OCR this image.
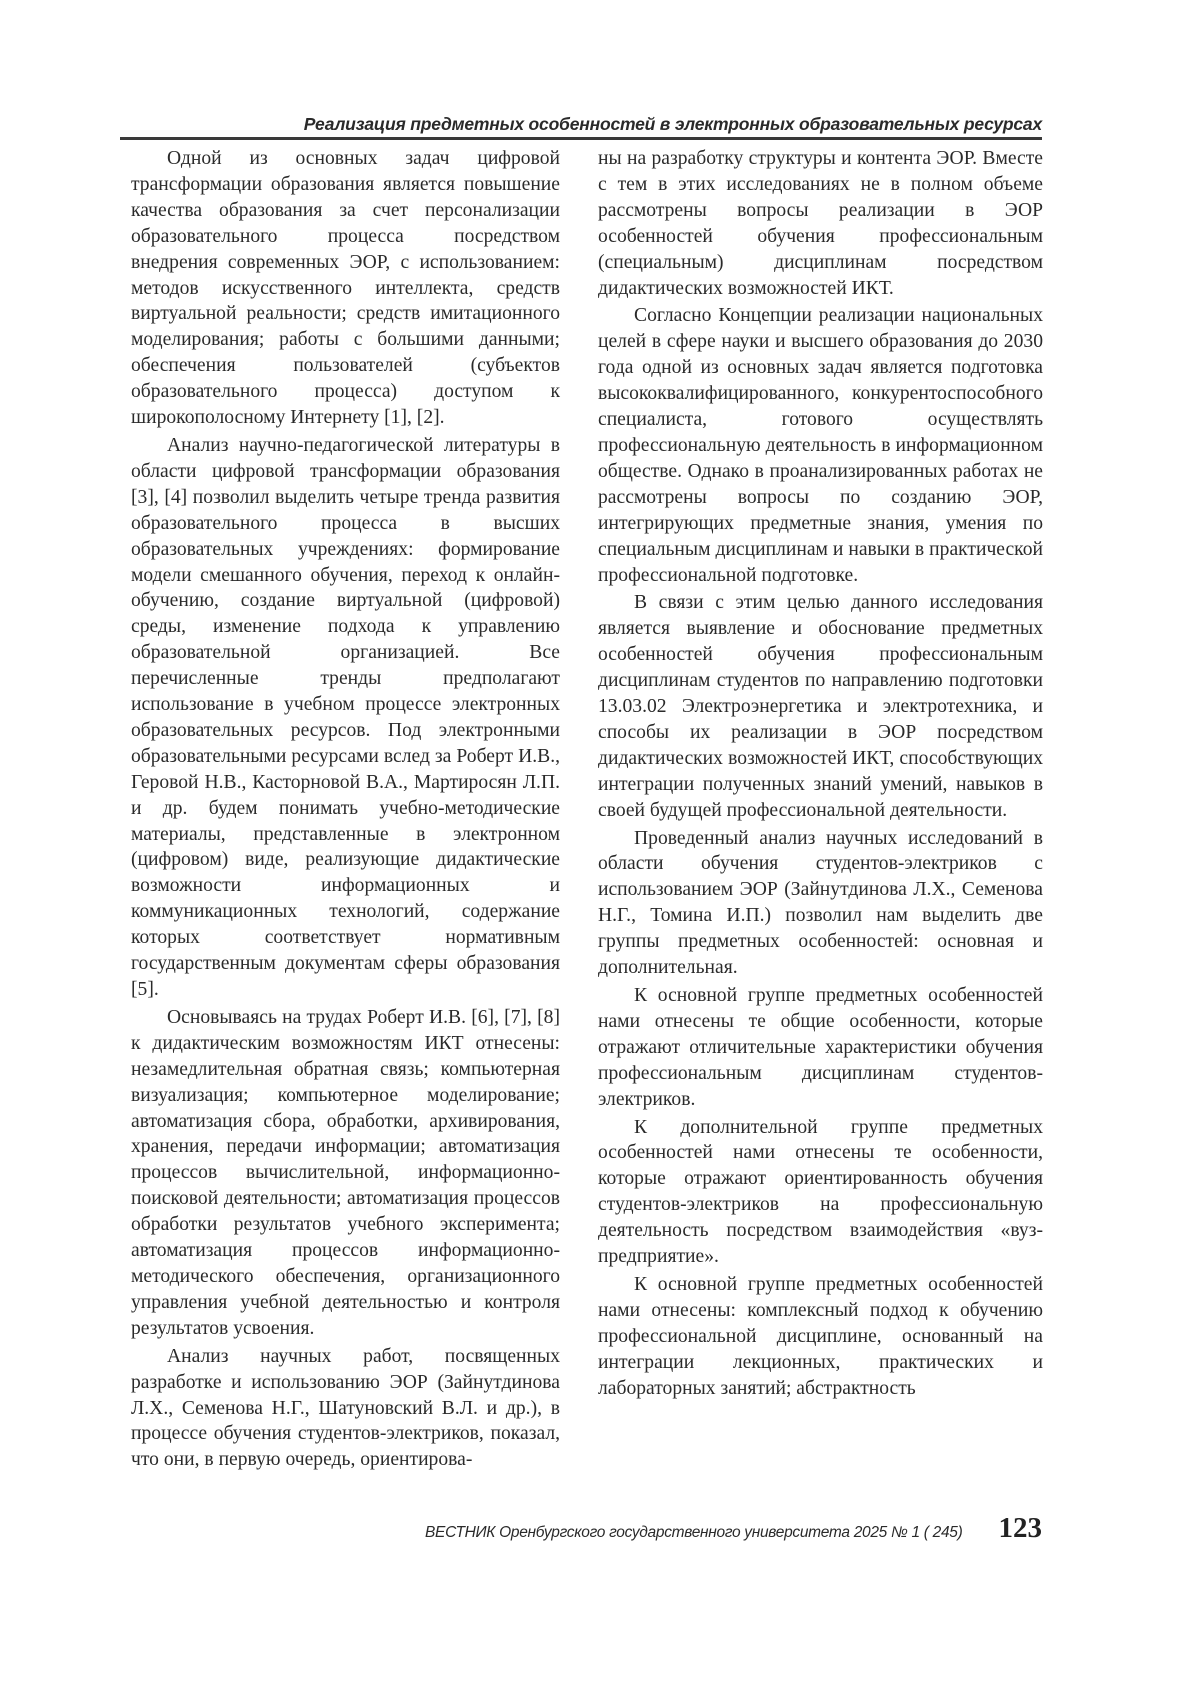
Реализация предметных особенностей в электронных образовательных ресурсах

Одной из основных задач цифровой трансформации образования является повышение качества образования за счет персонализации образовательного процесса посредством внедрения современных ЭОР, с использованием: методов искусственного интеллекта, средств виртуальной реальности; средств имитационного моделирования; работы с большими данными; обеспечения пользователей (субъектов образовательного процесса) доступом к широкополосному Интернету [1], [2].

Анализ научно-педагогической литературы в области цифровой трансформации образования [3], [4] позволил выделить четыре тренда развития образовательного процесса в высших образовательных учреждениях: формирование модели смешанного обучения, переход к онлайн-обучению, создание виртуальной (цифровой) среды, изменение подхода к управлению образовательной организацией. Все перечисленные тренды предполагают использование в учебном процессе электронных образовательных ресурсов. Под электронными образовательными ресурсами вслед за Роберт И.В., Геровой Н.В., Касторновой В.А., Мартиросян Л.П. и др. будем понимать учебно-методические материалы, представленные в электронном (цифровом) виде, реализующие дидактические возможности информационных и коммуникационных технологий, содержание которых соответствует нормативным государственным документам сферы образования [5].

Основываясь на трудах Роберт И.В. [6], [7], [8] к дидактическим возможностям ИКТ отнесены: незамедлительная обратная связь; компьютерная визуализация; компьютерное моделирование; автоматизация сбора, обработки, архивирования, хранения, передачи информации; автоматизация процессов вычислительной, информационно-поисковой деятельности; автоматизация процессов обработки результатов учебного эксперимента; автоматизация процессов информационно-методического обеспечения, организационного управления учебной деятельностью и контроля результатов усвоения.

Анализ научных работ, посвященных разработке и использованию ЭОР (Зайнутдинова Л.Х., Семенова Н.Г., Шатуновский В.Л. и др.), в процессе обучения студентов-электриков, показал, что они, в первую очередь, ориентирова-

ны на разработку структуры и контента ЭОР. Вместе с тем в этих исследованиях не в полном объеме рассмотрены вопросы реализации в ЭОР особенностей обучения профессиональным (специальным) дисциплинам посредством дидактических возможностей ИКТ.

Согласно Концепции реализации национальных целей в сфере науки и высшего образования до 2030 года одной из основных задач является подготовка высококвалифицированного, конкурентоспособного специалиста, готового осуществлять профессиональную деятельность в информационном обществе. Однако в проанализированных работах не рассмотрены вопросы по созданию ЭОР, интегрирующих предметные знания, умения по специальным дисциплинам и навыки в практической профессиональной подготовке.

В связи с этим целью данного исследования является выявление и обоснование предметных особенностей обучения профессиональным дисциплинам студентов по направлению подготовки 13.03.02 Электроэнергетика и электротехника, и способы их реализации в ЭОР посредством дидактических возможностей ИКТ, способствующих интеграции полученных знаний умений, навыков в своей будущей профессиональной деятельности.

Проведенный анализ научных исследований в области обучения студентов-электриков с использованием ЭОР (Зайнутдинова Л.Х., Семенова Н.Г., Томина И.П.) позволил нам выделить две группы предметных особенностей: основная и дополнительная.

К основной группе предметных особенностей нами отнесены те общие особенности, которые отражают отличительные характеристики обучения профессиональным дисциплинам студентов-электриков.

К дополнительной группе предметных особенностей нами отнесены те особенности, которые отражают ориентированность обучения студентов-электриков на профессиональную деятельность посредством взаимодействия «вуз-предприятие».

К основной группе предметных особенностей нами отнесены: комплексный подход к обучению профессиональной дисциплине, основанный на интеграции лекционных, практических и лабораторных занятий; абстрактность

ВЕСТНИК Оренбургского государственного университета 2025 № 1 ( 245) 123
